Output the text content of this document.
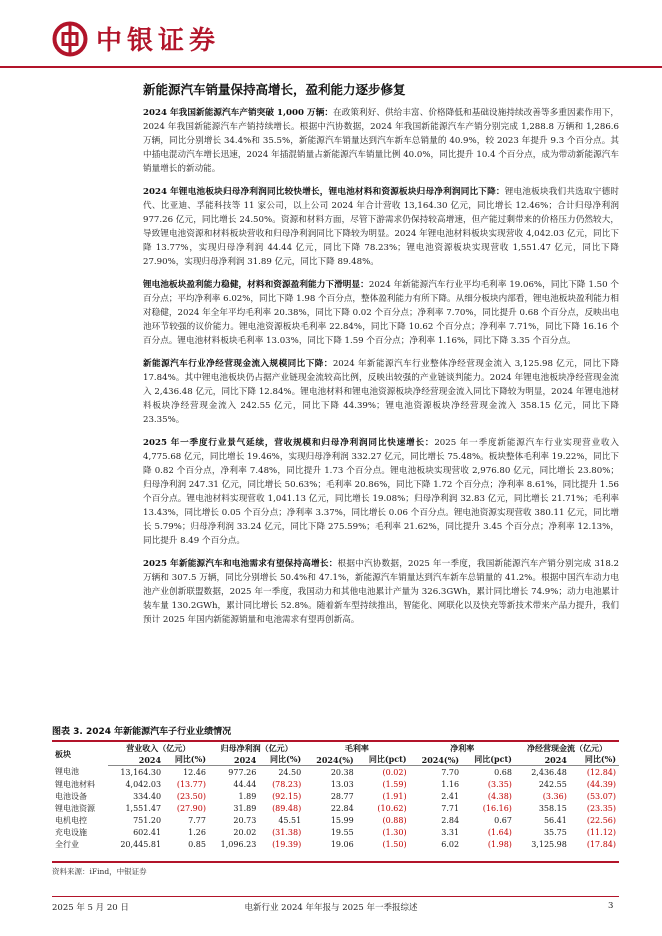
中银证券
新能源汽车销量保持高增长，盈利能力逐步修复

2024 年我国新能源汽车产销突破 1,000 万辆：在政策利好、供给丰富、价格降低和基础设施持续改善等多重因素作用下，2024 年我国新能源汽车产销持续增长。根据中汽协数据，2024 年我国新能源汽车产销分别完成 1,288.8 万辆和 1,286.6 万辆，同比分别增长 34.4%和 35.5%，新能源汽车销量达到汽车新车总销量的 40.9%，较 2023 年提升 9.3 个百分点。其中插电混动汽车增长迅速，2024 年插混销量占新能源汽车销量比例 40.0%，同比提升 10.4 个百分点，成为带动新能源汽车销量增长的新动能。

2024 年锂电池板块归母净利润同比较快增长，锂电池材料和资源板块归母净利润同比下降：锂电池板块我们共选取宁德时代、比亚迪、孚能科技等 11 家公司，以上公司 2024 年合计营收 13,164.30 亿元，同比增长 12.46%；合计归母净利润 977.26 亿元，同比增长 24.50%。资源和材料方面，尽管下游需求仍保持较高增速，但产能过剩带来的价格压力仍然较大，导致锂电池资源和材料板块营收和归母净利润同比下降较为明显。2024 年锂电池材料板块实现营收 4,042.03 亿元，同比下降 13.77%，实现归母净利润 44.44 亿元，同比下降 78.23%；锂电池资源板块实现营收 1,551.47 亿元，同比下降 27.90%，实现归母净利润 31.89 亿元，同比下降 89.48%。

锂电池板块盈利能力稳健，材料和资源盈利能力下滑明显：2024 年新能源汽车行业平均毛利率 19.06%，同比下降 1.50 个百分点；平均净利率 6.02%，同比下降 1.98 个百分点，整体盈利能力有所下降。从细分板块内部看，锂电池板块盈利能力相对稳健，2024 年全年平均毛利率 20.38%，同比下降 0.02 个百分点；净利率 7.70%，同比提升 0.68 个百分点，反映出电池环节较强的议价能力。锂电池资源板块毛利率 22.84%，同比下降 10.62 个百分点；净利率 7.71%，同比下降 16.16 个百分点。锂电池材料板块毛利率 13.03%，同比下降 1.59 个百分点；净利率 1.16%，同比下降 3.35 个百分点。

新能源汽车行业净经营现金流入规模同比下降：2024 年新能源汽车行业整体净经营现金流入 3,125.98 亿元，同比下降 17.84%。其中锂电池板块仍占据产业链现金流较高比例，反映出较强的产业链谈判能力。2024 年锂电池板块净经营现金流入 2,436.48 亿元，同比下降 12.84%。锂电池材料和锂电池资源板块净经营现金流入同比下降较为明显，2024 年锂电池材料板块净经营现金流入 242.55 亿元，同比下降 44.39%；锂电池资源板块净经营现金流入 358.15 亿元，同比下降 23.35%。

2025 年一季度行业景气延续，营收规模和归母净利润同比快速增长：2025 年一季度新能源汽车行业实现营业收入 4,775.68 亿元，同比增长 19.46%，实现归母净利润 332.27 亿元，同比增长 75.48%。板块整体毛利率 19.22%，同比下降 0.82 个百分点，净利率 7.48%，同比提升 1.73 个百分点。锂电池板块实现营收 2,976.80 亿元，同比增长 23.80%；归母净利润 247.31 亿元，同比增长 50.63%；毛利率 20.86%，同比下降 1.72 个百分点；净利率 8.61%，同比提升 1.56 个百分点。锂电池材料实现营收 1,041.13 亿元，同比增长 19.08%；归母净利润 32.83 亿元，同比增长 21.71%；毛利率 13.43%，同比增长 0.05 个百分点；净利率 3.37%，同比增长 0.06 个百分点。锂电池资源实现营收 380.11 亿元，同比增长 5.79%；归母净利润 33.24 亿元，同比下降 275.59%；毛利率 21.62%，同比提升 3.45 个百分点；净利率 12.13%，同比提升 8.49 个百分点。

2025 年新能源汽车和电池需求有望保持高增长：根据中汽协数据，2025 年一季度，我国新能源汽车产销分别完成 318.2 万辆和 307.5 万辆，同比分别增长 50.4%和 47.1%，新能源汽车销量达到汽车新车总销量的 41.2%。根据中国汽车动力电池产业创新联盟数据，2025 年一季度，我国动力和其他电池累计产量为 326.3GWh，累计同比增长 74.9%；动力电池累计装车量 130.2GWh，累计同比增长 52.8%。随着新车型持续推出，智能化、网联化以及快充等新技术带来产品力提升，我们预计 2025 年国内新能源销量和电池需求有望再创新高。

图表 3. 2024 年新能源汽车子行业业绩情况
板块	营业收入（亿元）		归母净利润（亿元）		毛利率		净利率		净经营现金流（亿元）	
	2024	同比(%)	2024	同比(%)	2024(%)	同比(pct)	2024(%)	同比(pct)	2024	同比(%)
锂电池	13,164.30	12.46	977.26	24.50	20.38	(0.02)	7.70	0.68	2,436.48	(12.84)
锂电池材料	4,042.03	(13.77)	44.44	(78.23)	13.03	(1.59)	1.16	(3.35)	242.55	(44.39)
电池设备	334.40	(23.50)	1.89	(92.15)	28.77	(1.91)	2.41	(4.38)	(3.36)	(53.07)
锂电池资源	1,551.47	(27.90)	31.89	(89.48)	22.84	(10.62)	7.71	(16.16)	358.15	(23.35)
电机电控	751.20	7.77	20.73	45.51	15.99	(0.88)	2.84	0.67	56.41	(22.56)
充电设施	602.41	1.26	20.02	(31.38)	19.55	(1.30)	3.31	(1.64)	35.75	(11.12)
全行业	20,445.81	0.85	1,096.23	(19.39)	19.06	(1.50)	6.02	(1.98)	3,125.98	(17.84)
资料来源：iFind，中银证券
2025 年 5 月 20 日	电新行业 2024 年年报与 2025 年一季报综述	3
